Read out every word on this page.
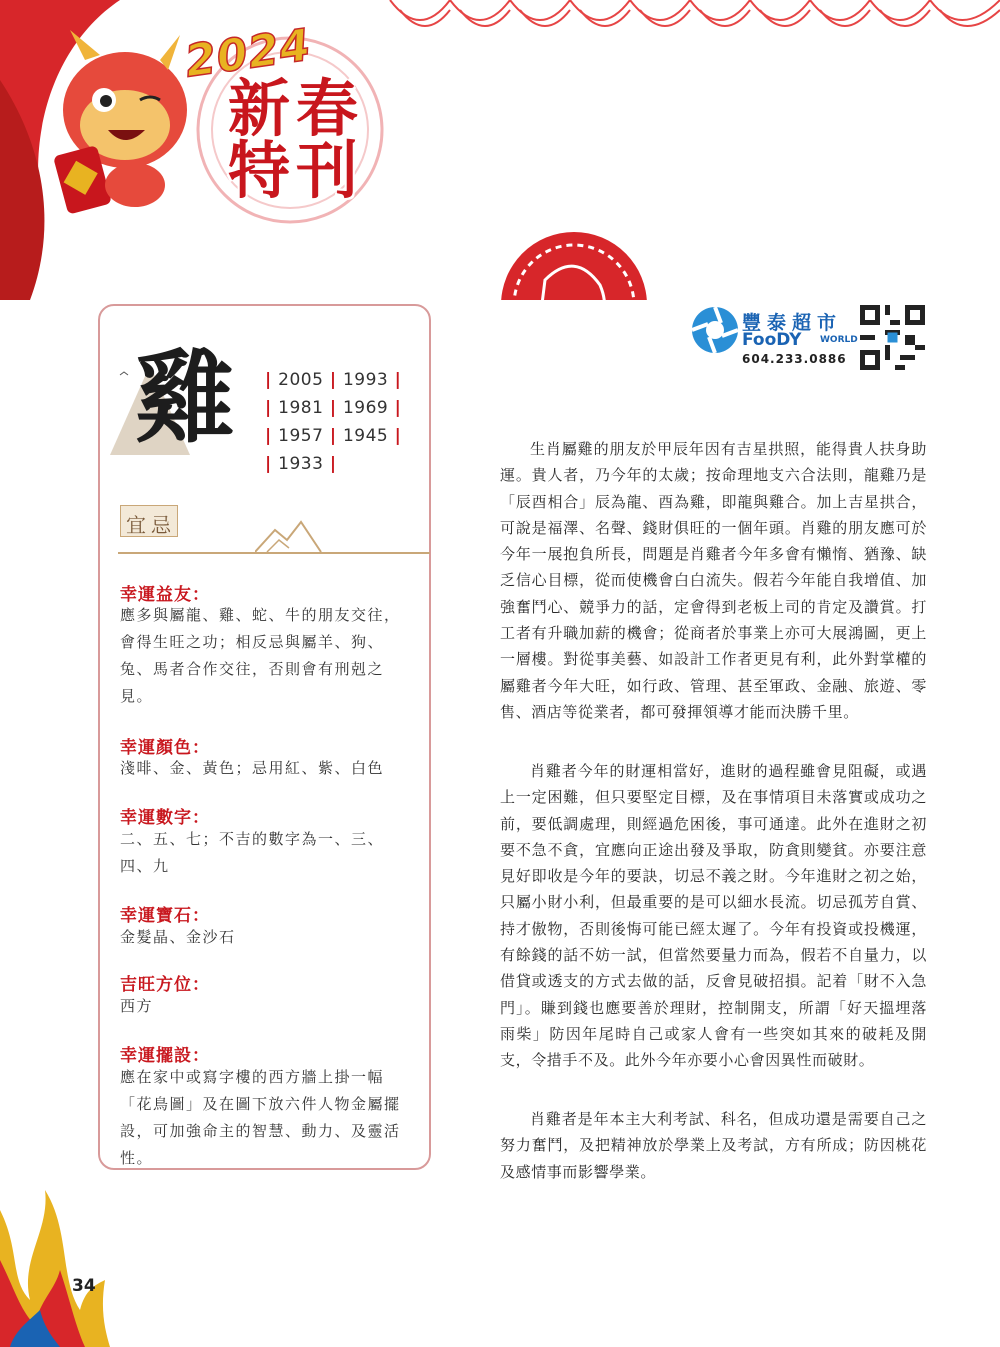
2024
新春
特刊
雞 | 2005 | 1993 |
| 1981 | 1969 |
| 1957 | 1945 |
| 1933 |
宜 忌
幸運益友：
應多與屬龍、雞、蛇、牛的朋友交往，會得生旺之功；相反忌與屬羊、狗、兔、馬者合作交往，否則會有刑剋之見。
幸運顏色：
淺啡、金、黃色；忌用紅、紫、白色
幸運數字：
二、五、七；不吉的數字為一、三、四、九
幸運寶石：
金髮晶、金沙石
吉旺方位：
西方
幸運擺設：
應在家中或寫字樓的西方牆上掛一幅「花鳥圖」及在圖下放六件人物金屬擺設，可加強命主的智慧、動力、及靈活性。
豐泰超市
FooDY WORLD
604.233.0886
生肖屬雞的朋友於甲辰年因有吉星拱照，能得貴人扶身助運。貴人者，乃今年的太歲；按命理地支六合法則，龍雞乃是「辰酉相合」辰為龍、酉為雞，即龍與雞合。加上吉星拱合，可說是福澤、名聲、錢財俱旺的一個年頭。肖雞的朋友應可於今年一展抱負所長，問題是肖雞者今年多會有懶惰、猶豫、缺乏信心目標，從而使機會白白流失。假若今年能自我增值、加強奮鬥心、競爭力的話，定會得到老板上司的肯定及讚賞。打工者有升職加薪的機會；從商者於事業上亦可大展鴻圖，更上一層樓。對從事美藝、如設計工作者更見有利，此外對掌權的屬雞者今年大旺，如行政、管理、甚至軍政、金融、旅遊、零售、酒店等從業者，都可發揮領導才能而決勝千里。
肖雞者今年的財運相當好，進財的過程雖會見阻礙，或遇上一定困難，但只要堅定目標，及在事情項目未落實或成功之前，要低調處理，則經過危困後，事可通達。此外在進財之初要不急不貪，宜應向正途出發及爭取，防貪則變貧。亦要注意見好即收是今年的要訣，切忌不義之財。今年進財之初之始，只屬小財小利，但最重要的是可以細水長流。切忌孤芳自賞、持才傲物，否則後悔可能已經太遲了。今年有投資或投機運，有餘錢的話不妨一試，但當然要量力而為，假若不自量力，以借貸或透支的方式去做的話，反會見破招損。記着「財不入急門」。賺到錢也應要善於理財，控制開支，所謂「好天搵埋落雨柴」防因年尾時自己或家人會有一些突如其來的破耗及開支，令措手不及。此外今年亦要小心會因異性而破財。
肖雞者是年本主大利考試、科名，但成功還是需要自己之努力奮鬥，及把精神放於學業上及考試，方有所成；防因桃花及感情事而影響學業。
34
